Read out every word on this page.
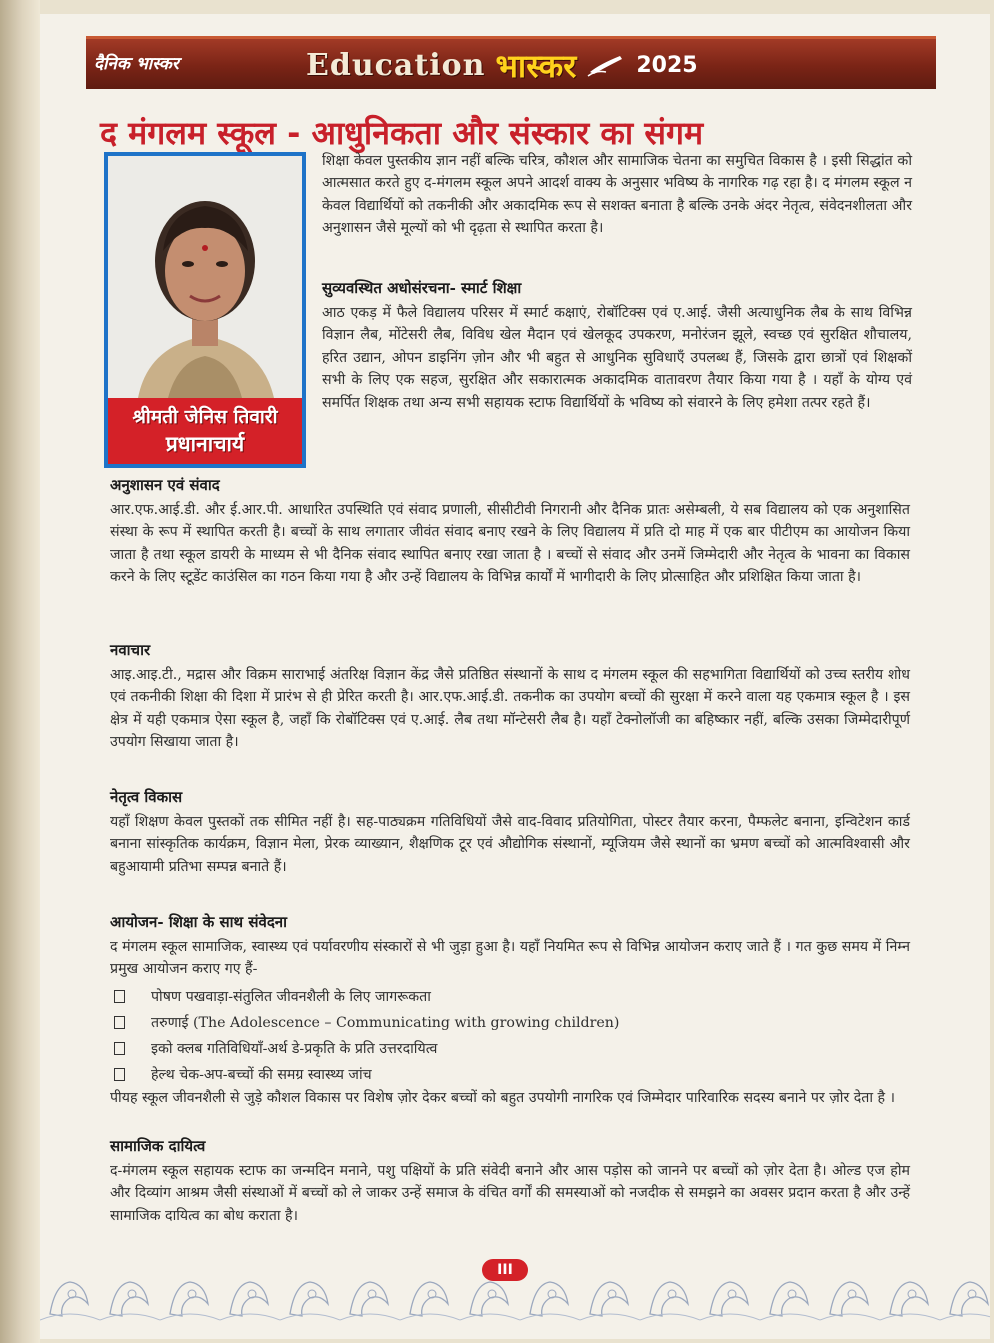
दैनिक भास्कर	Education भास्कर	2025
द मंगलम स्कूल - आधुनिकता और संस्कार का संगम
श्रीमती जेनिस तिवारी
प्रधानाचार्य

शिक्षा केवल पुस्तकीय ज्ञान नहीं बल्कि चरित्र, कौशल और सामाजिक चेतना का समुचित विकास है । इसी सिद्धांत को आत्मसात करते हुए द-मंगलम स्कूल अपने आदर्श वाक्य के अनुसार भविष्य के नागरिक गढ़ रहा है। द मंगलम स्कूल न केवल विद्यार्थियों को तकनीकी और अकादमिक रूप से सशक्त बनाता है बल्कि उनके अंदर नेतृत्व, संवेदनशीलता और अनुशासन जैसे मूल्यों को भी दृढ़ता से स्थापित करता है।

सुव्यवस्थित अधोसंरचना- स्मार्ट शिक्षा

आठ एकड़ में फैले विद्यालय परिसर में स्मार्ट कक्षाएं, रोबॉटिक्स एवं ए.आई. जैसी अत्याधुनिक लैब के साथ विभिन्न विज्ञान लैब, मोंटेसरी लैब, विविध खेल मैदान एवं खेलकूद उपकरण, मनोरंजन झूले, स्वच्छ एवं सुरक्षित शौचालय, हरित उद्यान, ओपन डाइनिंग ज़ोन और भी बहुत से आधुनिक सुविधाएँ उपलब्ध हैं, जिसके द्वारा छात्रों एवं शिक्षकों सभी के लिए एक सहज, सुरक्षित और सकारात्मक अकादमिक वातावरण तैयार किया गया है । यहाँ के योग्य एवं समर्पित शिक्षक तथा अन्य सभी सहायक स्टाफ विद्यार्थियों के भविष्य को संवारने के लिए हमेशा तत्पर रहते हैं।

अनुशासन एवं संवाद

आर.एफ.आई.डी. और ई.आर.पी. आधारित उपस्थिति एवं संवाद प्रणाली, सीसीटीवी निगरानी और दैनिक प्रातः असेम्बली, ये सब विद्यालय को एक अनुशासित संस्था के रूप में स्थापित करती है। बच्चों के साथ लगातार जीवंत संवाद बनाए रखने के लिए विद्यालय में प्रति दो माह में एक बार पीटीएम का आयोजन किया जाता है तथा स्कूल डायरी के माध्यम से भी दैनिक संवाद स्थापित बनाए रखा जाता है । बच्चों से संवाद और उनमें जिम्मेदारी और नेतृत्व के भावना का विकास करने के लिए स्टूडेंट काउंसिल का गठन किया गया है और उन्हें विद्यालय के विभिन्न कार्यों में भागीदारी के लिए प्रोत्साहित और प्रशिक्षित किया जाता है।

नवाचार

आइ.आइ.टी., मद्रास और विक्रम साराभाई अंतरिक्ष विज्ञान केंद्र जैसे प्रतिष्ठित संस्थानों के साथ द मंगलम स्कूल की सहभागिता विद्यार्थियों को उच्च स्तरीय शोध एवं तकनीकी शिक्षा की दिशा में प्रारंभ से ही प्रेरित करती है। आर.एफ.आई.डी. तकनीक का उपयोग बच्चों की सुरक्षा में करने वाला यह एकमात्र स्कूल है । इस क्षेत्र में यही एकमात्र ऐसा स्कूल है, जहाँ कि रोबॉटिक्स एवं ए.आई. लैब तथा मॉन्टेसरी लैब है। यहाँ टेक्नोलॉजी का बहिष्कार नहीं, बल्कि उसका जिम्मेदारीपूर्ण उपयोग सिखाया जाता है।

नेतृत्व विकास

यहाँ शिक्षण केवल पुस्तकों तक सीमित नहीं है। सह-पाठ्यक्रम गतिविधियों जैसे वाद-विवाद प्रतियोगिता, पोस्टर तैयार करना, पैम्फलेट बनाना, इन्विटेशन कार्ड बनाना सांस्कृतिक कार्यक्रम, विज्ञान मेला, प्रेरक व्याख्यान, शैक्षणिक टूर एवं औद्योगिक संस्थानों, म्यूजियम जैसे स्थानों का भ्रमण बच्चों को आत्मविश्वासी और बहुआयामी प्रतिभा सम्पन्न बनाते हैं।

आयोजन- शिक्षा के साथ संवेदना

द मंगलम स्कूल सामाजिक, स्वास्थ्य एवं पर्यावरणीय संस्कारों से भी जुड़ा हुआ है। यहाँ नियमित रूप से विभिन्न आयोजन कराए जाते हैं । गत कुछ समय में निम्न प्रमुख आयोजन कराए गए हैं-

पोषण पखवाड़ा-संतुलित जीवनशैली के लिए जागरूकता
तरुणाई (The Adolescence – Communicating with growing children)
इको क्लब गतिविधियाँ-अर्थ डे-प्रकृति के प्रति उत्तरदायित्व
हेल्थ चेक-अप-बच्चों की समग्र स्वास्थ्य जांच

पीयह स्कूल जीवनशैली से जुड़े कौशल विकास पर विशेष ज़ोर देकर बच्चों को बहुत उपयोगी नागरिक एवं जिम्मेदार पारिवारिक सदस्य बनाने पर ज़ोर देता है ।

सामाजिक दायित्व

द-मंगलम स्कूल सहायक स्टाफ का जन्मदिन मनाने, पशु पक्षियों के प्रति संवेदी बनाने और आस पड़ोस को जानने पर बच्चों को ज़ोर देता है। ओल्ड एज होम और दिव्यांग आश्रम जैसी संस्थाओं में बच्चों को ले जाकर उन्हें समाज के वंचित वर्गों की समस्याओं को नजदीक से समझने का अवसर प्रदान करता है और उन्हें सामाजिक दायित्व का बोध कराता है।

III
